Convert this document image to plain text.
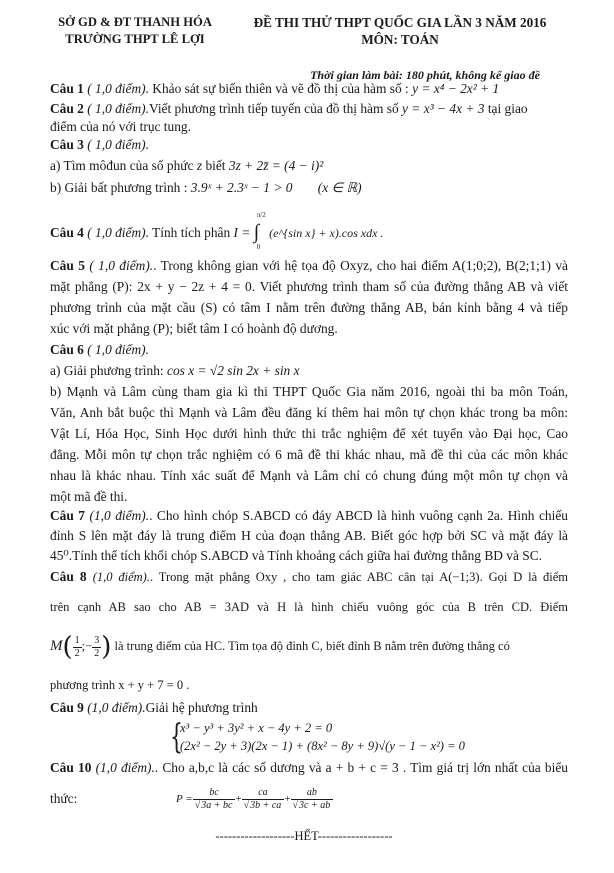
SỞ GD & ĐT THANH HÓA
TRƯỜNG THPT LÊ LỢI
ĐỀ THI THỬ THPT QUỐC GIA LẦN 3 NĂM 2016
MÔN: TOÁN
Thời gian làm bài: 180 phút, không kể giao đề
Câu 1 ( 1,0 điểm). Khảo sát sự biến thiên và vẽ đồ thị của hàm số : y = x⁴ − 2x² + 1
Câu 2 ( 1,0 điểm).Viết phương trình tiếp tuyến của đồ thị hàm số y = x³ − 4x + 3 tại giao
điểm của nó với trục tung.
Câu 3 ( 1,0 điểm).
a) Tìm môđun của số phức z biết 3z + 2z̄ = (4 − i)²
b) Giải bất phương trình : 3.9ˣ + 2.3ˣ − 1 > 0 (x ∈ ℝ)
Câu 4 ( 1,0 điểm). Tính tích phân I = ∫
π/2
0
(e^{sin x} + x).cos xdx .
Câu 5 ( 1,0 điểm).. Trong không gian với hệ tọa độ Oxyz, cho hai điểm A(1;0;2), B(2;1;1) và
mặt phẳng (P): 2x + y − 2z + 4 = 0. Viết phương trình tham số của đường thẳng AB và viết
phương trình của mặt cầu (S) có tâm I nằm trên đường thẳng AB, bán kính bằng 4 và tiếp
xúc với mặt phẳng (P); biết tâm I có hoành độ dương.
Câu 6 ( 1,0 điểm).
a) Giải phương trình: cos x = √2 sin 2x + sin x
b) Mạnh và Lâm cùng tham gia kì thi THPT Quốc Gia năm 2016, ngoài thi ba môn Toán,
Văn, Anh bắt buộc thì Mạnh và Lâm đều đăng kí thêm hai môn tự chọn khác trong ba môn:
Vật Lí, Hóa Học, Sinh Học dưới hình thức thi trắc nghiệm để xét tuyển vào Đại học, Cao
đẳng. Mỗi môn tự chọn trắc nghiệm có 6 mã đề thi khác nhau, mã đề thi của các môn khác
nhau là khác nhau. Tính xác suất để Mạnh và Lâm chỉ có chung đúng một môn tự chọn và
một mã đề thi.
Câu 7 (1,0 điểm).. Cho hình chóp S.ABCD có đáy ABCD là hình vuông cạnh 2a. Hình chiếu
đỉnh S lên mặt đáy là trung điểm H của đoạn thẳng AB. Biết góc hợp bởi SC và mặt đáy là
45⁰.Tính thể tích khối chóp S.ABCD và Tính khoảng cách giữa hai đường thẳng BD và SC.
Câu 8 (1,0 điểm).. Trong mặt phẳng Oxy , cho tam giác ABC cân tại A(−1;3). Gọi D là điểm
trên cạnh AB sao cho AB = 3AD và H là hình chiếu vuông góc của B trên CD. Điểm
$M( \frac{1}{2}$ ;− $\frac{3}{2}$ ) là trung điểm của HC. Tìm tọa độ đỉnh C, biết đỉnh B nằm trên đường thẳng có
phương trình x + y + 7 = 0 .
Câu 9 (1,0 điểm).Giải hệ phương trình
{
x³ − y³ + 3y² + x − 4y + 2 = 0
(2x² − 2y + 3)(2x − 1) + (8x² − 8y + 9)√(y − 1 − x²) = 0
Câu 10 (1,0 điểm).. Cho a,b,c là các số dương và a + b + c = 3 . Tìm giá trị lớn nhất của biểu
thức:	$P = \frac{bc}{√3a + bc} + \frac{ca}{√3b + ca} + \frac{ab}{√3c + ab}$
-------------------HẾT------------------
